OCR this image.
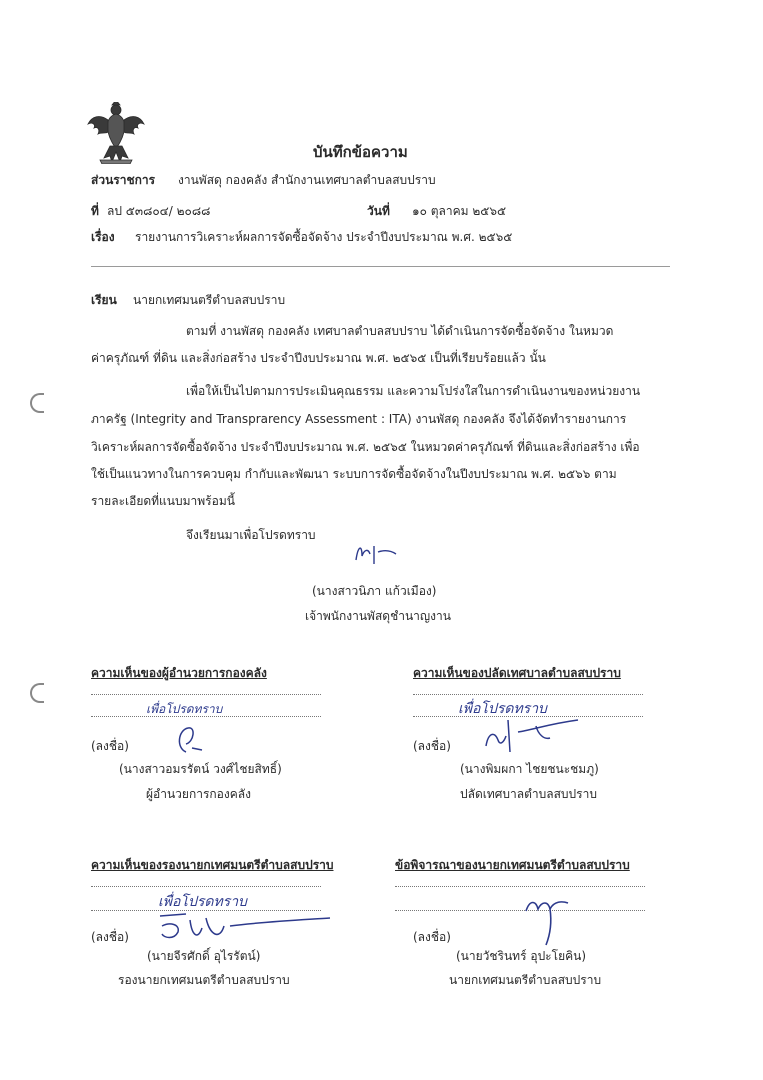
บันทึกข้อความ
ส่วนราชการ งานพัสดุ กองคลัง สำนักงานเทศบาลตำบลสบปราบ
ที่ ลป ๕๓๘๐๔/ ๒๐๘๘	วันที่ ๑๐ ตุลาคม ๒๕๖๕
เรื่อง รายงานการวิเคราะห์ผลการจัดซื้อจัดจ้าง ประจำปีงบประมาณ พ.ศ. ๒๕๖๕
เรียน นายกเทศมนตรีตำบลสบปราบ
ตามที่ งานพัสดุ กองคลัง เทศบาลตำบลสบปราบ ได้ดำเนินการจัดซื้อจัดจ้าง ในหมวด
ค่าครุภัณฑ์ ที่ดิน และสิ่งก่อสร้าง ประจำปีงบประมาณ พ.ศ. ๒๕๖๕ เป็นที่เรียบร้อยแล้ว นั้น
เพื่อให้เป็นไปตามการประเมินคุณธรรม และความโปร่งใสในการดำเนินงานของหน่วยงาน
ภาครัฐ (Integrity and Transprarency Assessment : ITA) งานพัสดุ กองคลัง จึงได้จัดทำรายงานการ
วิเคราะห์ผลการจัดซื้อจัดจ้าง ประจำปีงบประมาณ พ.ศ. ๒๕๖๕ ในหมวดค่าครุภัณฑ์ ที่ดินและสิ่งก่อสร้าง เพื่อ
ใช้เป็นแนวทางในการควบคุม กำกับและพัฒนา ระบบการจัดซื้อจัดจ้างในปีงบประมาณ พ.ศ. ๒๕๖๖ ตาม
รายละเอียดที่แนบมาพร้อมนี้
จึงเรียนมาเพื่อโปรดทราบ
(นางสาวนิภา แก้วเมือง)
เจ้าพนักงานพัสดุชำนาญงาน
ความเห็นของผู้อำนวยการกองคลัง
เพื่อโปรดทราบ
(ลงชื่อ)
(นางสาวอมรรัตน์ วงศ์ไชยสิทธิ์)
ผู้อำนวยการกองคลัง
ความเห็นของปลัดเทศบาลตำบลสบปราบ
เพื่อโปรดทราบ
(ลงชื่อ)
(นางพิมผกา ไชยชนะชมภู)
ปลัดเทศบาลตำบลสบปราบ
ความเห็นของรองนายกเทศมนตรีตำบลสบปราบ
เพื่อโปรดทราบ
(ลงชื่อ)
(นายจีรศักดิ์ อุไรรัตน์)
รองนายกเทศมนตรีตำบลสบปราบ
ข้อพิจารณาของนายกเทศมนตรีตำบลสบปราบ
(ลงชื่อ)
(นายวัชรินทร์ อุปะโยคิน)
นายกเทศมนตรีตำบลสบปราบ
